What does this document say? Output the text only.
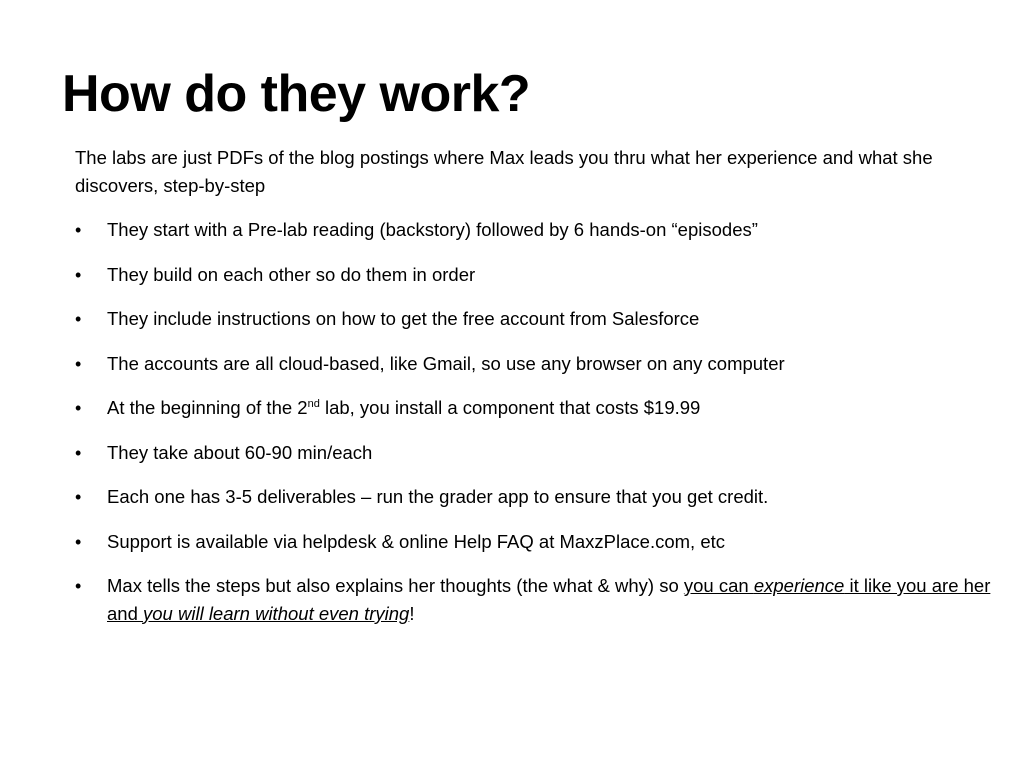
How do they work?

The labs are just PDFs of the blog postings where Max leads you thru what her experience and what she discovers, step-by-step

•	They start with a Pre-lab reading (backstory) followed by 6 hands-on “episodes”
•	They build on each other so do them in order
•	They include instructions on how to get the free account from Salesforce
•	The accounts are all cloud-based, like Gmail, so use any browser on any computer
•	At the beginning of the 2nd lab, you install a component that costs $19.99
•	They take about 60-90 min/each
•	Each one has 3-5 deliverables – run the grader app to ensure that you get credit.
•	Support is available via helpdesk & online Help FAQ at MaxzPlace.com, etc
•	Max tells the steps but also explains her thoughts (the what & why) so you can experience it like you are her and you will learn without even trying!
